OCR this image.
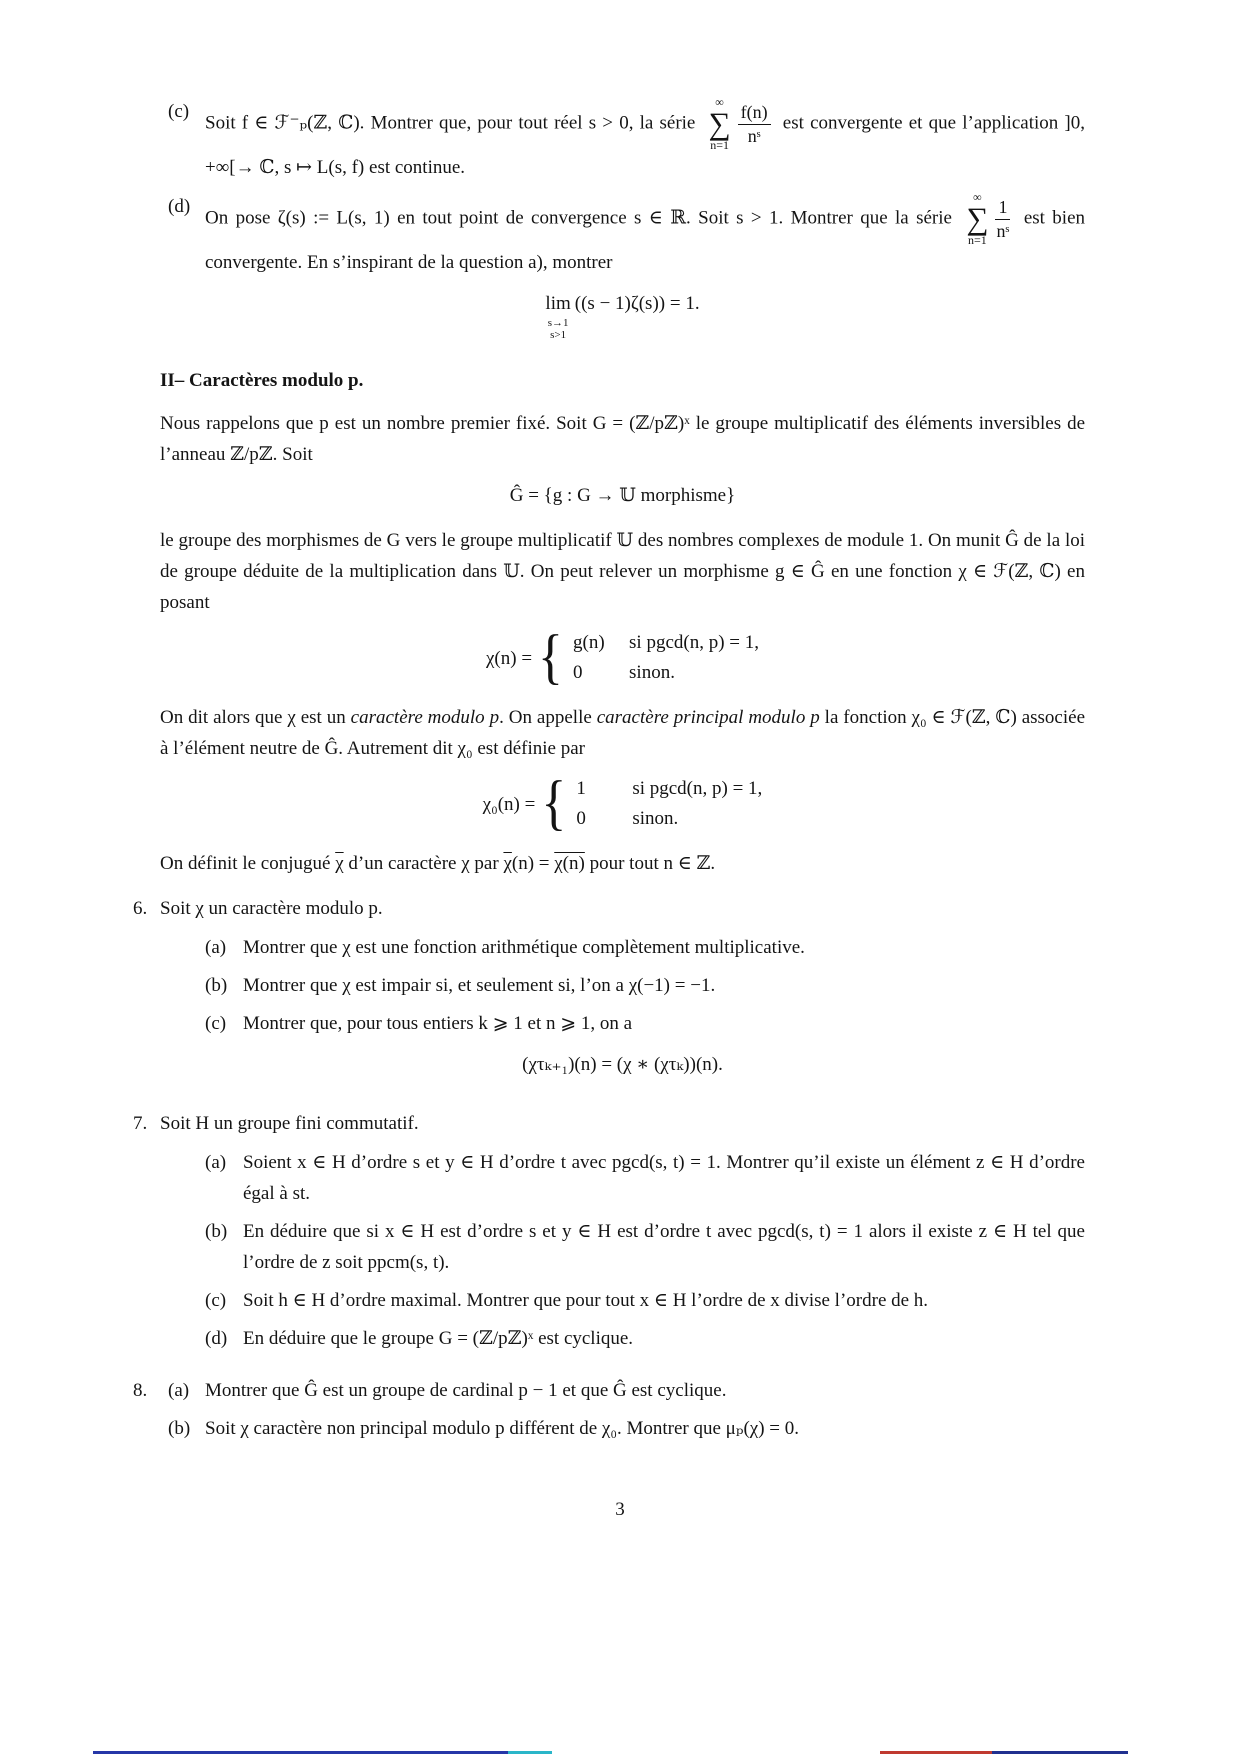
(c)
Soit f ∈ ℱ⁻ₚ(ℤ, ℂ). Montrer que, pour tout réel s > 0, la série
∞
∑
$n=1 \frac{f(n)}{\text{nˢ}}$ est convergente et que l’application ]0, +∞[→ ℂ, s ↦ L(s, f) est continue.
(d)
On pose ζ(s) := L(s, 1) en tout point de convergence s ∈ ℝ. Soit s > 1. Montrer que la série
∞
∑
$n=1 \frac{1}{\text{nˢ}}$ est bien convergente. En s’inspirant de la question a), montrer
lim
s→1
s>1
((s − 1)ζ(s)) = 1.
II– Caractères modulo p.
Nous rappelons que p est un nombre premier fixé. Soit G = (ℤ/pℤ)ˣ le groupe multiplicatif des éléments inversibles de l’anneau ℤ/pℤ. Soit
Ĝ = {g : G → 𝕌 morphisme}
le groupe des morphismes de G vers le groupe multiplicatif 𝕌 des nombres complexes de module 1. On munit Ĝ de la loi de groupe déduite de la multiplication dans 𝕌. On peut relever un morphisme g ∈ Ĝ en une fonction χ ∈ ℱ(ℤ, ℂ) en posant
χ(n) = { g(n)	si pgcd(n, p) = 1,
0	sinon.
On dit alors que χ est un caractère modulo p. On appelle caractère principal modulo p la fonction χ₀ ∈ ℱ(ℤ, ℂ) associée à l’élément neutre de Ĝ. Autrement dit χ₀ est définie par
χ₀(n) = { 1	si pgcd(n, p) = 1,
0	sinon.
On définit le conjugué $\overline{\chi}$ d’un caractère χ par $\overline{\chi}(n) = \chi(n)$ pour tout n ∈ ℤ.
6. Soit χ un caractère modulo p.
(a) Montrer que χ est une fonction arithmétique complètement multiplicative.
(b) Montrer que χ est impair si, et seulement si, l’on a χ(−1) = −1.
(c) Montrer que, pour tous entiers k ⩾ 1 et n ⩾ 1, on a
(χτₖ₊₁)(n) = (χ ∗ (χτₖ))(n).
7. Soit H un groupe fini commutatif.
(a) Soient x ∈ H d’ordre s et y ∈ H d’ordre t avec pgcd(s, t) = 1. Montrer qu’il existe un élément z ∈ H d’ordre égal à st.
(b) En déduire que si x ∈ H est d’ordre s et y ∈ H est d’ordre t avec pgcd(s, t) = 1 alors il existe z ∈ H tel que l’ordre de z soit ppcm(s, t).
(c) Soit h ∈ H d’ordre maximal. Montrer que pour tout x ∈ H l’ordre de x divise l’ordre de h.
(d) En déduire que le groupe G = (ℤ/pℤ)ˣ est cyclique.
8.	(a) Montrer que Ĝ est un groupe de cardinal p − 1 et que Ĝ est cyclique.
(b) Soit χ caractère non principal modulo p différent de χ₀. Montrer que μₚ(χ) = 0.
3
